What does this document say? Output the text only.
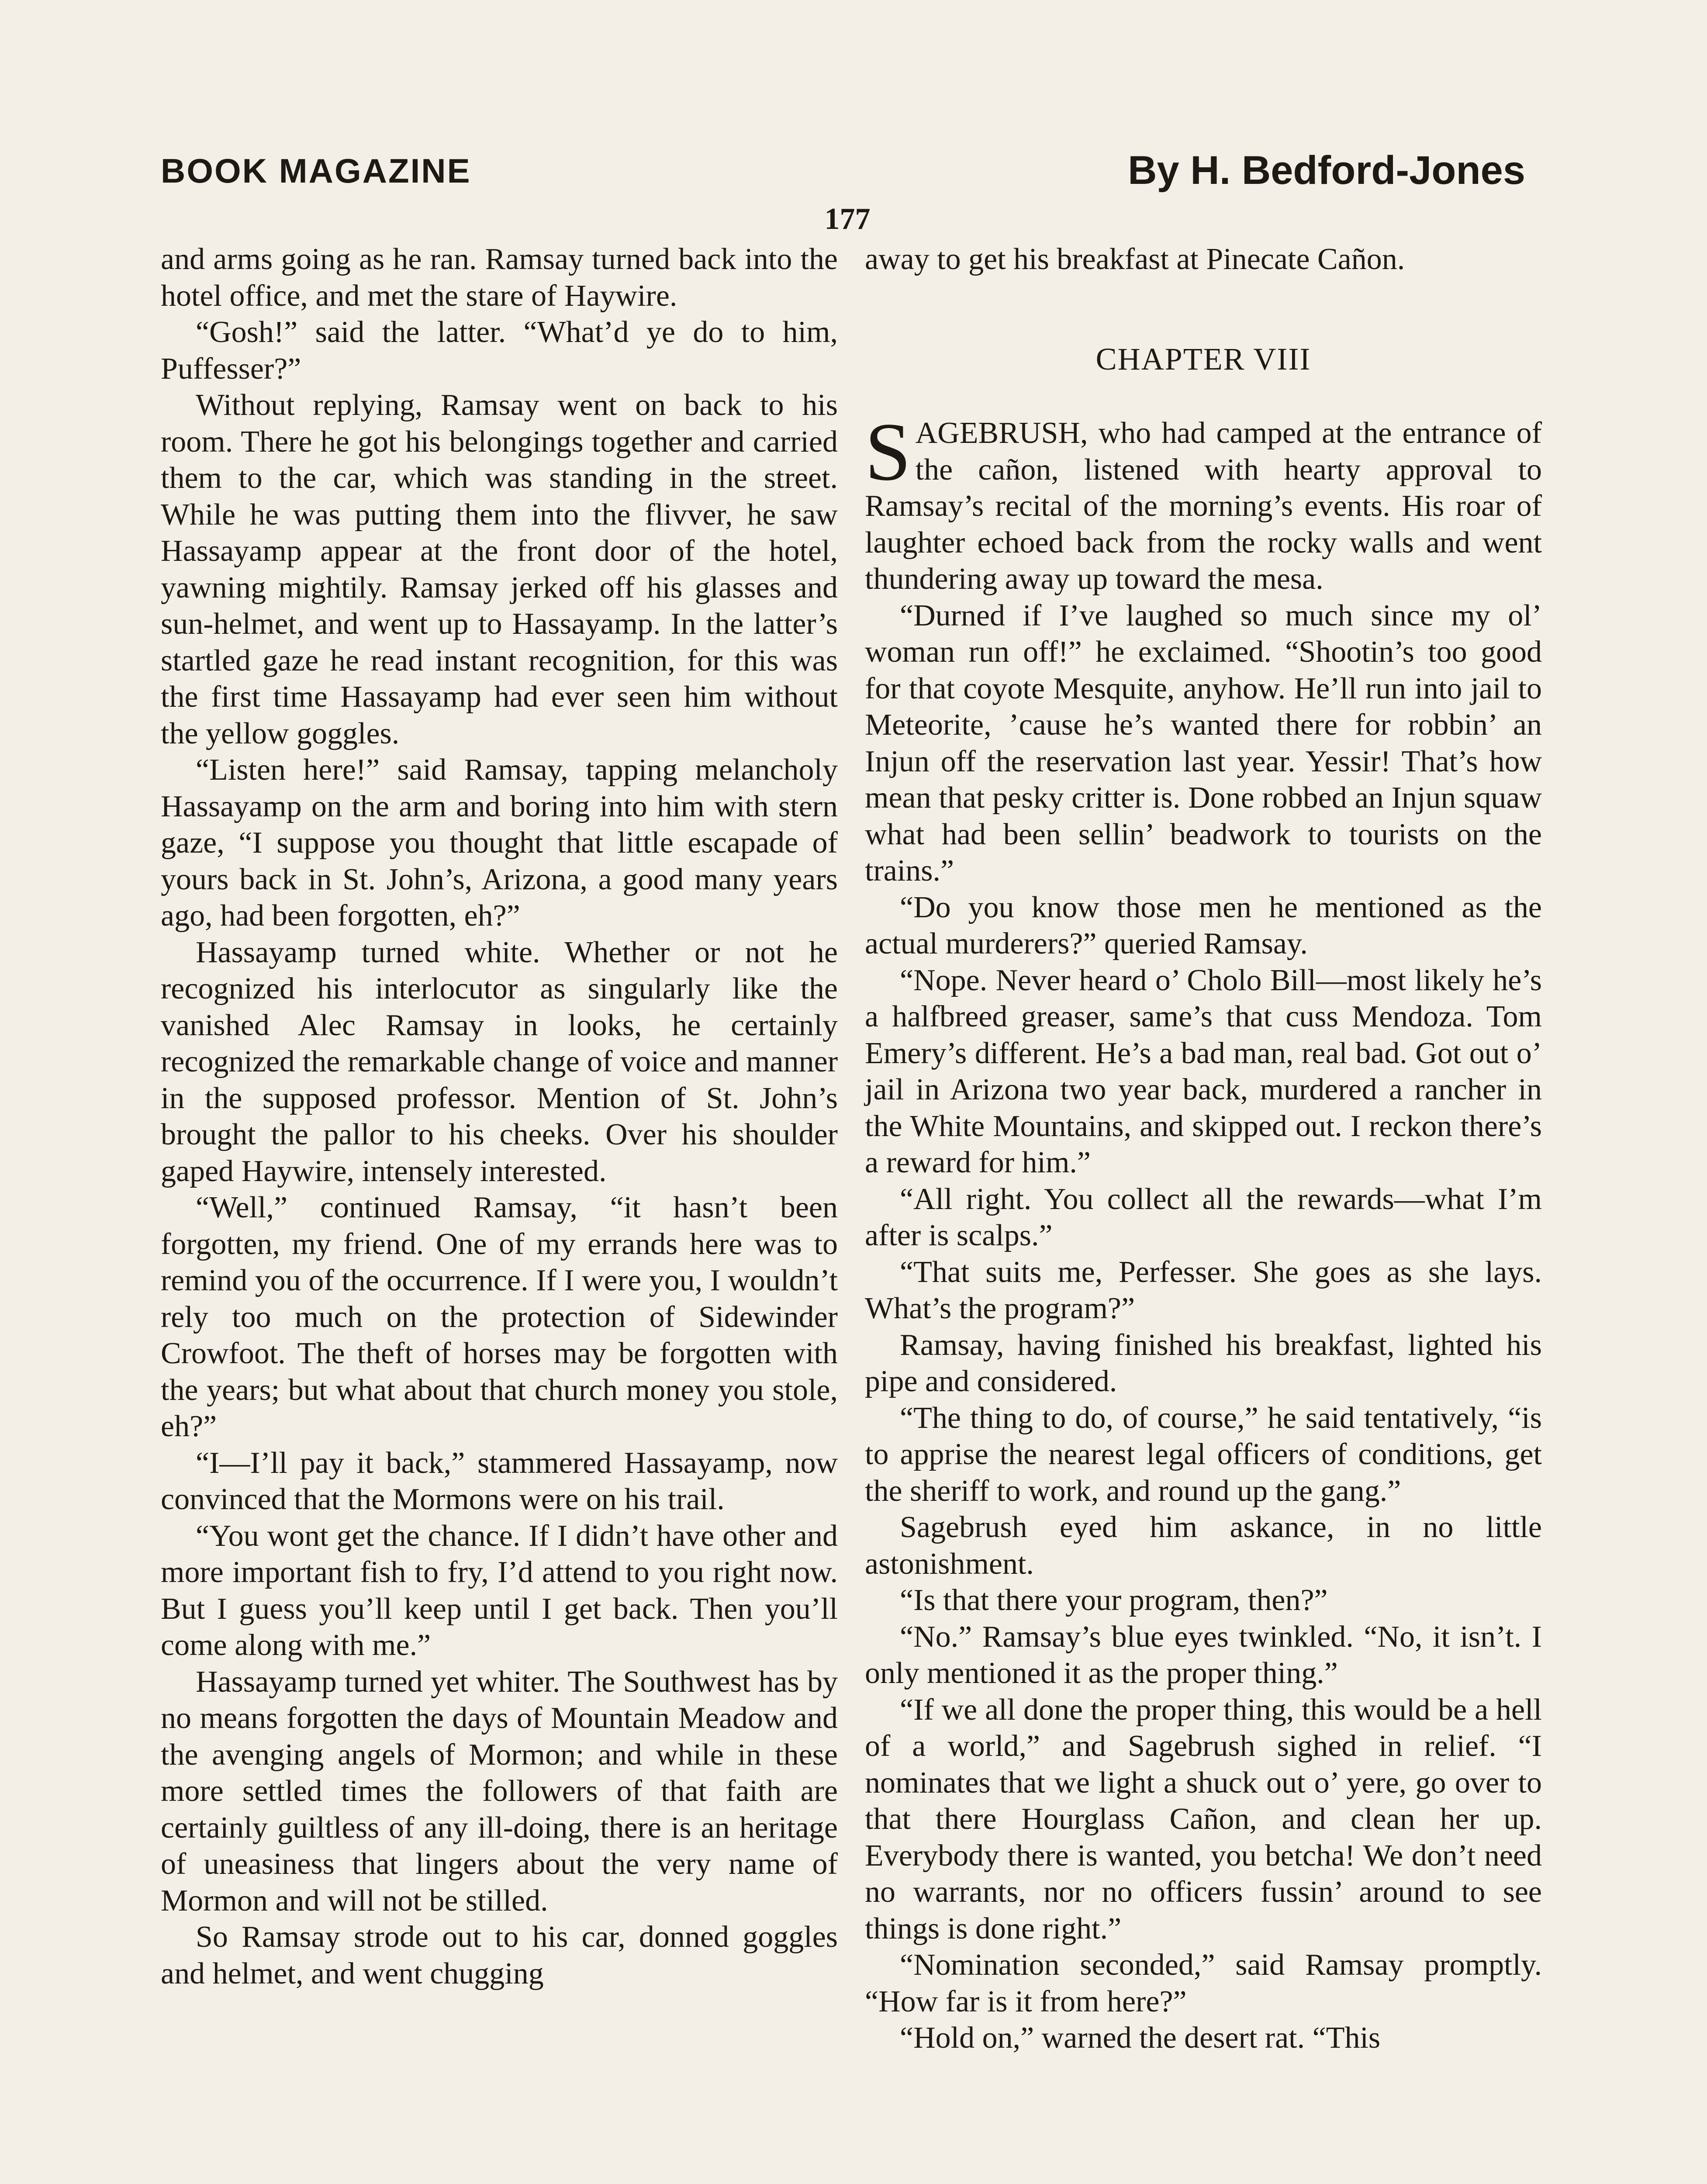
BOOK MAGAZINE	By H. Bedford-Jones
177

and arms going as he ran. Ramsay turned back into the hotel office, and met the stare of Haywire.

“Gosh!” said the latter. “What’d ye do to him, Puffesser?”

Without replying, Ramsay went on back to his room. There he got his belongings together and carried them to the car, which was standing in the street. While he was putting them into the flivver, he saw Hassayamp appear at the front door of the hotel, yawning mightily. Ramsay jerked off his glasses and sun-helmet, and went up to Hassayamp. In the latter’s startled gaze he read instant recognition, for this was the first time Hassayamp had ever seen him without the yellow goggles.

“Listen here!” said Ramsay, tapping melancholy Hassayamp on the arm and boring into him with stern gaze, “I suppose you thought that little escapade of yours back in St. John’s, Arizona, a good many years ago, had been forgotten, eh?”

Hassayamp turned white. Whether or not he recognized his interlocutor as singularly like the vanished Alec Ramsay in looks, he certainly recognized the remarkable change of voice and manner in the supposed professor. Mention of St. John’s brought the pallor to his cheeks. Over his shoulder gaped Haywire, intensely interested.

“Well,” continued Ramsay, “it hasn’t been forgotten, my friend. One of my errands here was to remind you of the occurrence. If I were you, I wouldn’t rely too much on the protection of Sidewinder Crowfoot. The theft of horses may be forgotten with the years; but what about that church money you stole, eh?”

“I—I’ll pay it back,” stammered Hassayamp, now convinced that the Mormons were on his trail.

“You wont get the chance. If I didn’t have other and more important fish to fry, I’d attend to you right now. But I guess you’ll keep until I get back. Then you’ll come along with me.”

Hassayamp turned yet whiter. The Southwest has by no means forgotten the days of Mountain Meadow and the avenging angels of Mormon; and while in these more settled times the followers of that faith are certainly guiltless of any ill-doing, there is an heritage of uneasiness that lingers about the very name of Mormon and will not be stilled.

So Ramsay strode out to his car, donned goggles and helmet, and went chugging

away to get his breakfast at Pinecate Cañon.

CHAPTER VIII

SAGEBRUSH, who had camped at the entrance of the cañon, listened with hearty approval to Ramsay’s recital of the morning’s events. His roar of laughter echoed back from the rocky walls and went thundering away up toward the mesa.

“Durned if I’ve laughed so much since my ol’ woman run off!” he exclaimed. “Shootin’s too good for that coyote Mesquite, anyhow. He’ll run into jail to Meteorite, ’cause he’s wanted there for robbin’ an Injun off the reservation last year. Yessir! That’s how mean that pesky critter is. Done robbed an Injun squaw what had been sellin’ beadwork to tourists on the trains.”

“Do you know those men he mentioned as the actual murderers?” queried Ramsay.

“Nope. Never heard o’ Cholo Bill—most likely he’s a halfbreed greaser, same’s that cuss Mendoza. Tom Emery’s different. He’s a bad man, real bad. Got out o’ jail in Arizona two year back, murdered a rancher in the White Mountains, and skipped out. I reckon there’s a reward for him.”

“All right. You collect all the rewards—what I’m after is scalps.”

“That suits me, Perfesser. She goes as she lays. What’s the program?”

Ramsay, having finished his breakfast, lighted his pipe and considered.

“The thing to do, of course,” he said tentatively, “is to apprise the nearest legal officers of conditions, get the sheriff to work, and round up the gang.”

Sagebrush eyed him askance, in no little astonishment.

“Is that there your program, then?”

“No.” Ramsay’s blue eyes twinkled. “No, it isn’t. I only mentioned it as the proper thing.”

“If we all done the proper thing, this would be a hell of a world,” and Sagebrush sighed in relief. “I nominates that we light a shuck out o’ yere, go over to that there Hourglass Cañon, and clean her up. Everybody there is wanted, you betcha! We don’t need no warrants, nor no officers fussin’ around to see things is done right.”

“Nomination seconded,” said Ramsay promptly. “How far is it from here?”

“Hold on,” warned the desert rat. “This
